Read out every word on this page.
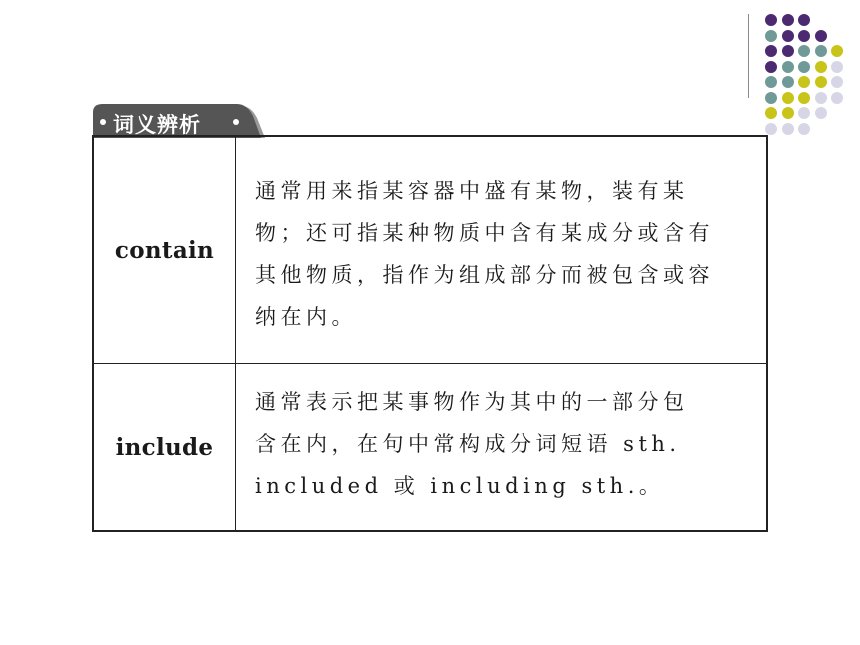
词义辨析
contain
通常用来指某容器中盛有某物，装有某
物；还可指某种物质中含有某成分或含有
其他物质，指作为组成部分而被包含或容
纳在内。
include
通常表示把某事物作为其中的一部分包
含在内，在句中常构成分词短语 sth.
included 或 including sth.。
